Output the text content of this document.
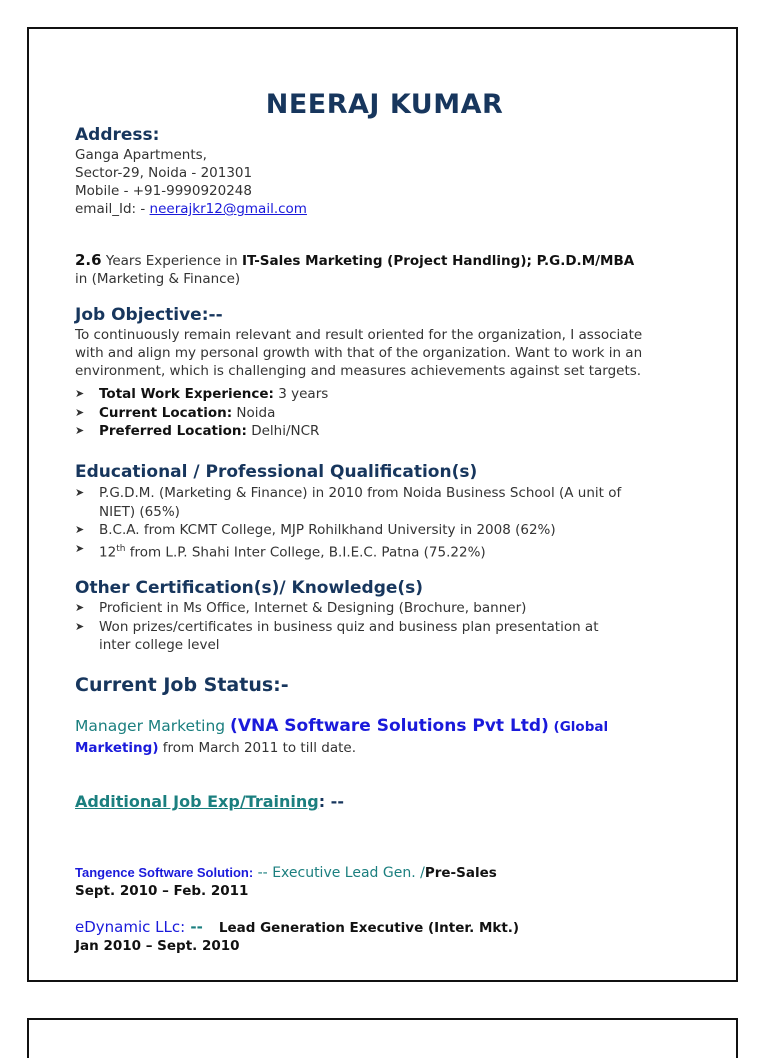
NEERAJ KUMAR
Address:
Ganga Apartments,
Sector-29, Noida - 201301
Mobile - +91-9990920248
email_Id: - neerajkr12@gmail.com
2.6 Years Experience in IT-Sales Marketing (Project Handling); P.G.D.M/MBA
in (Marketing & Finance)
Job Objective:--
To continuously remain relevant and result oriented for the organization, I associate
with and align my personal growth with that of the organization. Want to work in an
environment, which is challenging and measures achievements against set targets.
➤ Total Work Experience: 3 years
➤ Current Location: Noida
➤ Preferred Location: Delhi/NCR
Educational / Professional Qualification(s)
➤ P.G.D.M. (Marketing & Finance) in 2010 from Noida Business School (A unit of
NIET) (65%)
➤ B.C.A. from KCMT College, MJP Rohilkhand University in 2008 (62%)
➤ 12th from L.P. Shahi Inter College, B.I.E.C. Patna (75.22%)
Other Certification(s)/ Knowledge(s)
➤ Proficient in Ms Office, Internet & Designing (Brochure, banner)
➤ Won prizes/certificates in business quiz and business plan presentation at
inter college level
Current Job Status:-
Manager Marketing (VNA Software Solutions Pvt Ltd) (Global
Marketing) from March 2011 to till date.
Additional Job Exp/Training: --
Tangence Software Solution: -- Executive Lead Gen. /Pre-Sales
Sept. 2010 – Feb. 2011
eDynamic LLc: -- Lead Generation Executive (Inter. Mkt.)
Jan 2010 – Sept. 2010
